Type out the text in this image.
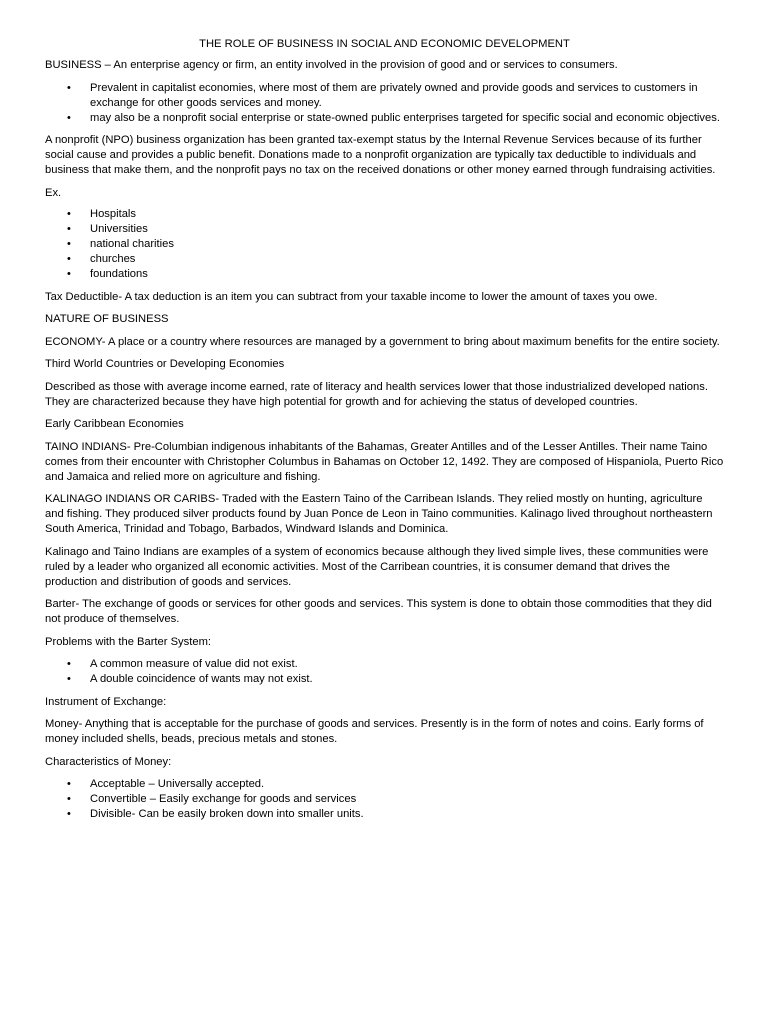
THE ROLE OF BUSINESS IN SOCIAL AND ECONOMIC DEVELOPMENT

BUSINESS – An enterprise agency or firm, an entity involved in the provision of good and or services to consumers.

• Prevalent in capitalist economies, where most of them are privately owned and provide goods and services to customers in exchange for other goods services and money.
• may also be a nonprofit social enterprise or state-owned public enterprises targeted for specific social and economic objectives.

A nonprofit (NPO) business organization has been granted tax-exempt status by the Internal Revenue Services because of its further social cause and provides a public benefit. Donations made to a nonprofit organization are typically tax deductible to individuals and business that make them, and the nonprofit pays no tax on the received donations or other money earned through fundraising activities.

Ex.

• Hospitals
• Universities
• national charities
• churches
• foundations

Tax Deductible- A tax deduction is an item you can subtract from your taxable income to lower the amount of taxes you owe.

NATURE OF BUSINESS

ECONOMY- A place or a country where resources are managed by a government to bring about maximum benefits for the entire society.

Third World Countries or Developing Economies

Described as those with average income earned, rate of literacy and health services lower that those industrialized developed nations. They are characterized because they have high potential for growth and for achieving the status of developed countries.

Early Caribbean Economies

TAINO INDIANS- Pre-Columbian indigenous inhabitants of the Bahamas, Greater Antilles and of the Lesser Antilles. Their name Taino comes from their encounter with Christopher Columbus in Bahamas on October 12, 1492. They are composed of Hispaniola, Puerto Rico and Jamaica and relied more on agriculture and fishing.

KALINAGO INDIANS OR CARIBS- Traded with the Eastern Taino of the Carribean Islands. They relied mostly on hunting, agriculture and fishing. They produced silver products found by Juan Ponce de Leon in Taino communities. Kalinago lived throughout northeastern South America, Trinidad and Tobago, Barbados, Windward Islands and Dominica.

Kalinago and Taino Indians are examples of a system of economics because although they lived simple lives, these communities were ruled by a leader who organized all economic activities. Most of the Carribean countries, it is consumer demand that drives the production and distribution of goods and services.

Barter- The exchange of goods or services for other goods and services. This system is done to obtain those commodities that they did not produce of themselves.

Problems with the Barter System:

• A common measure of value did not exist.
• A double coincidence of wants may not exist.

Instrument of Exchange:

Money- Anything that is acceptable for the purchase of goods and services. Presently is in the form of notes and coins. Early forms of money included shells, beads, precious metals and stones.

Characteristics of Money:

• Acceptable – Universally accepted.
• Convertible – Easily exchange for goods and services
• Divisible- Can be easily broken down into smaller units.
